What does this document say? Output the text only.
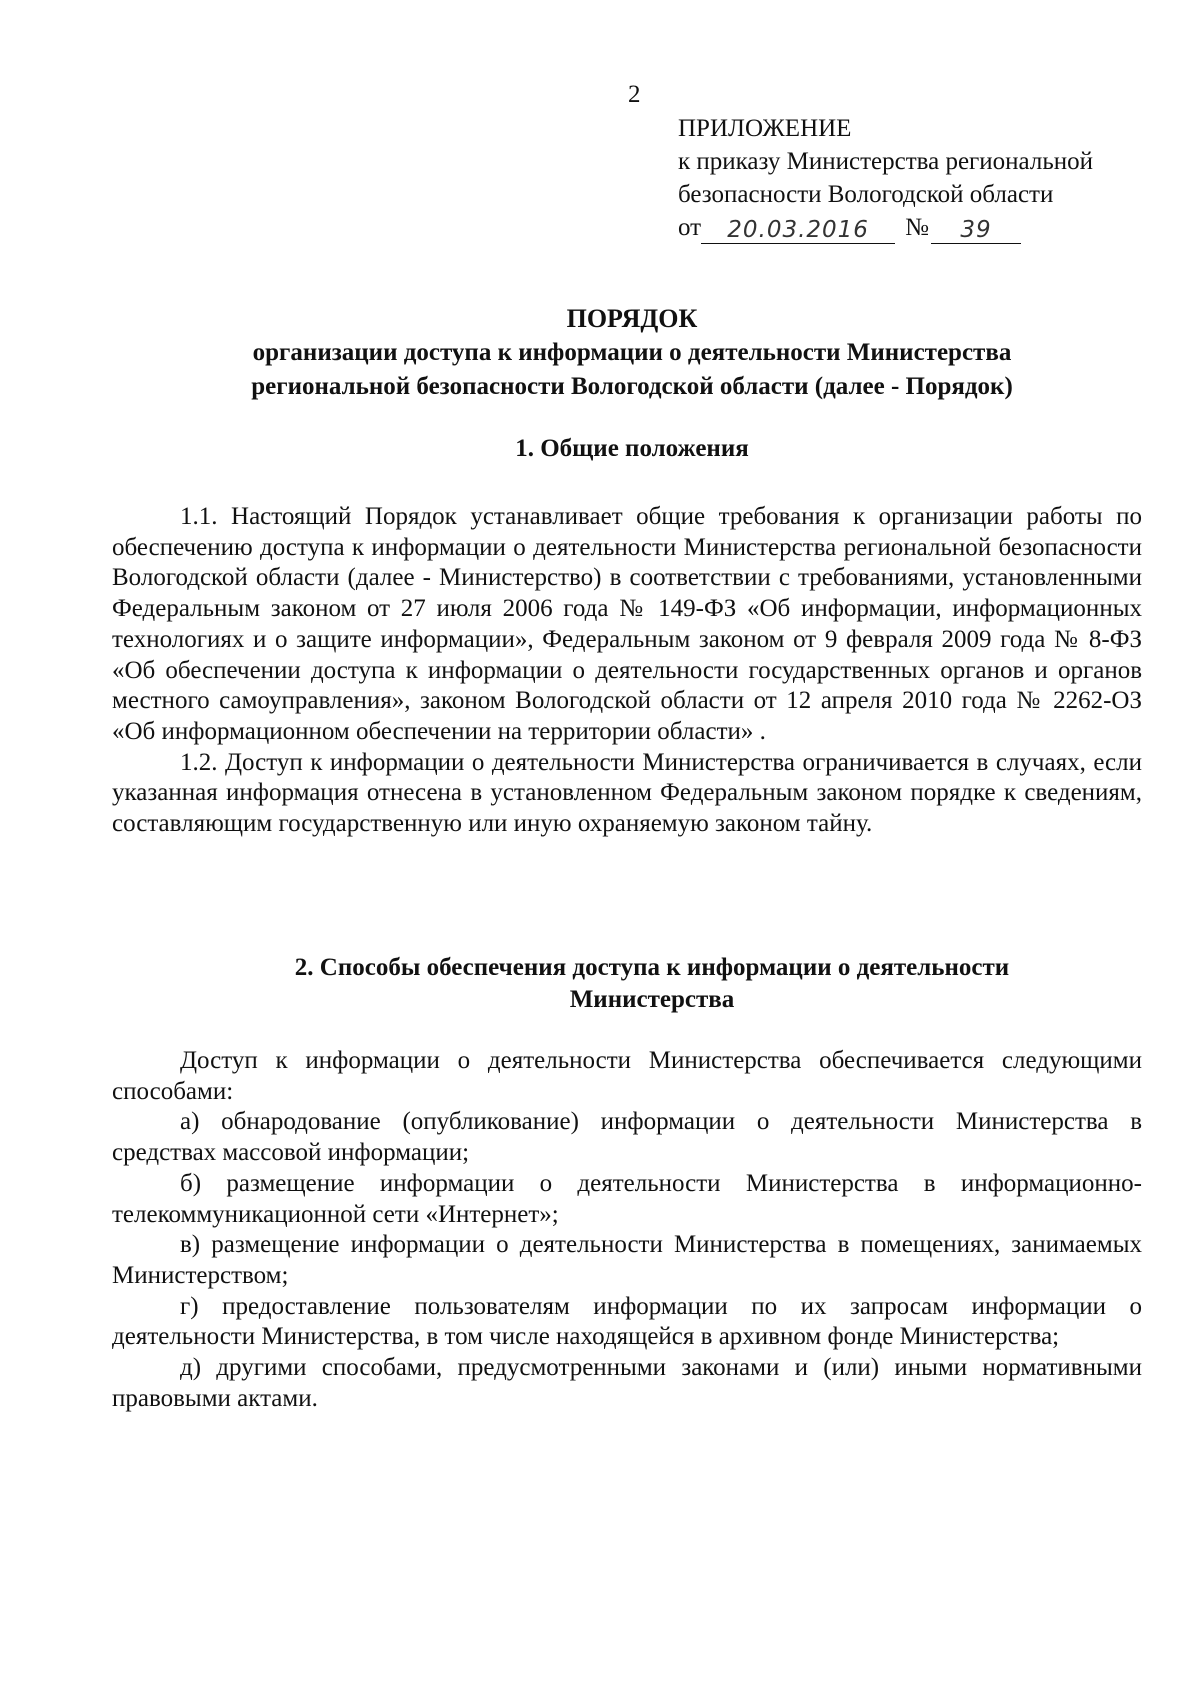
2
ПРИЛОЖЕНИЕ
к приказу Министерства региональной
безопасности Вологодской области
от	20.03.2016	№	39
ПОРЯДОК
организации доступа к информации о деятельности Министерства
региональной безопасности Вологодской области (далее - Порядок)
1. Общие положения

1.1. Настоящий Порядок устанавливает общие требования к организации работы по обеспечению доступа к информации о деятельности Министерства региональной безопасности Вологодской области (далее - Министерство) в соответствии с требованиями, установленными Федеральным законом от 27 июля 2006 года № 149-ФЗ «Об информации, информационных технологиях и о защите информации», Федеральным законом от 9 февраля 2009 года № 8-ФЗ «Об обеспечении доступа к информации о деятельности государственных органов и органов местного самоуправления», законом Вологодской области от 12 апреля 2010 года № 2262-ОЗ «Об информационном обеспечении на территории области» .

1.2. Доступ к информации о деятельности Министерства ограничивается в случаях, если указанная информация отнесена в установленном Федеральным законом порядке к сведениям, составляющим государственную или иную охраняемую законом тайну.

2. Способы обеспечения доступа к информации о деятельности Министерства

Доступ к информации о деятельности Министерства обеспечивается следующими способами:

а) обнародование (опубликование) информации о деятельности Министерства в средствах массовой информации;

б) размещение информации о деятельности Министерства в информационно-телекоммуникационной сети «Интернет»;

в) размещение информации о деятельности Министерства в помещениях, занимаемых Министерством;

г) предоставление пользователям информации по их запросам информации о деятельности Министерства, в том числе находящейся в архивном фонде Министерства;

д) другими способами, предусмотренными законами и (или) иными нормативными правовыми актами.
